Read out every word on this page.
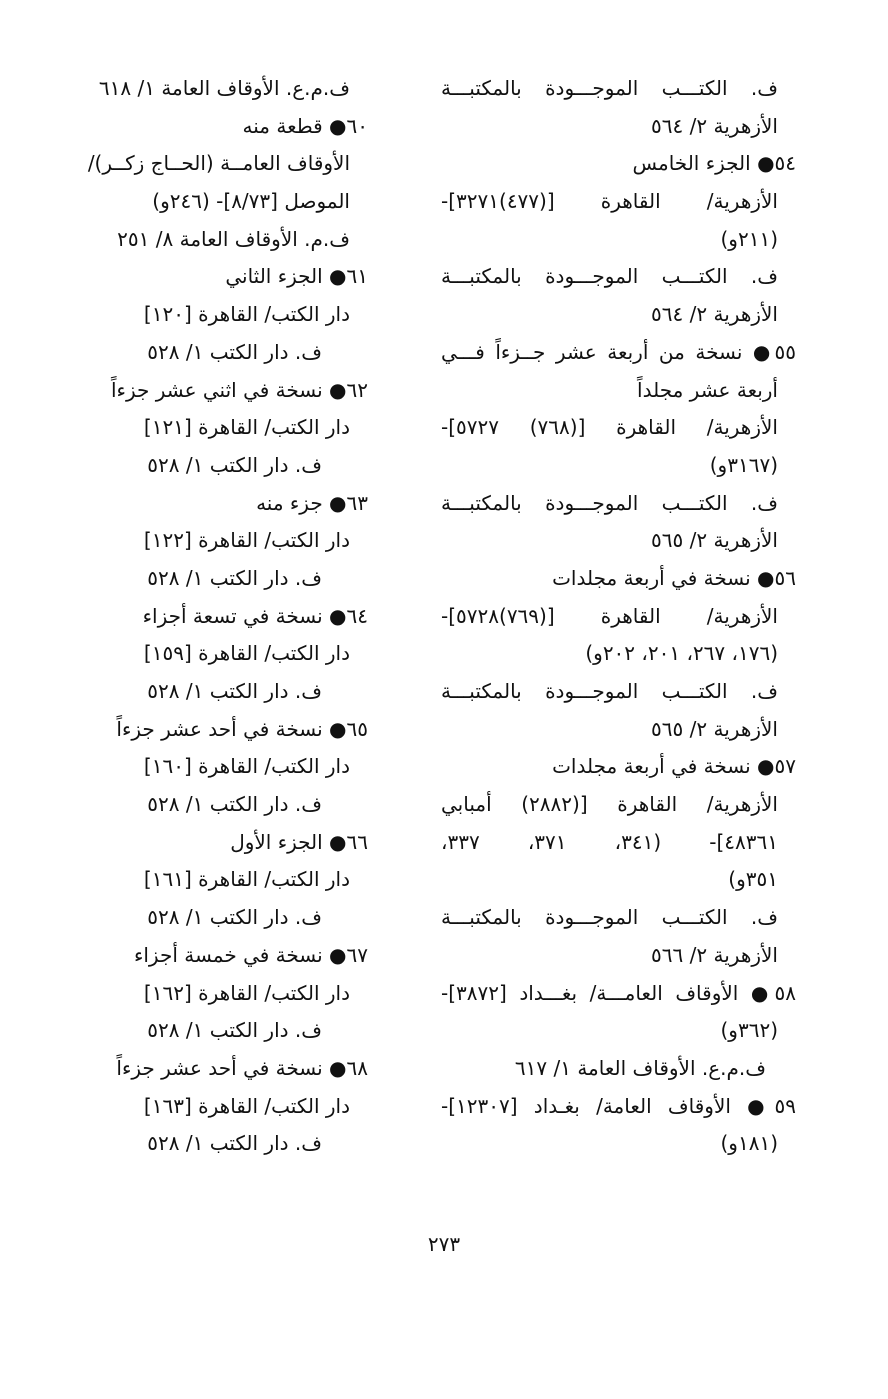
ف. الكتـــب الموجـــودة بالمكتبـــة
الأزهرية ٢/ ٥٦٤
٥٤● الجزء الخامس
الأزهرية/ القاهرة [(٤٧٧)٣٢٧١]-
(٢١١و)
ف. الكتـــب الموجـــودة بالمكتبـــة
الأزهرية ٢/ ٥٦٤
٥٥● نسخة من أربعة عشر جــزءاً فـــي
أربعة عشر مجلداً
الأزهرية/ القاهرة [(٧٦٨) ٥٧٢٧]-
(٣١٦٧و)
ف. الكتـــب الموجـــودة بالمكتبـــة
الأزهرية ٢/ ٥٦٥
٥٦● نسخة في أربعة مجلدات
الأزهرية/ القاهرة [(٧٦٩)٥٧٢٨]-
(١٧٦، ٢٦٧، ٢٠١، ٢٠٢و)
ف. الكتـــب الموجـــودة بالمكتبـــة
الأزهرية ٢/ ٥٦٥
٥٧● نسخة في أربعة مجلدات
الأزهرية/ القاهرة [(٢٨٨٢) أمبابي
٤٨٣٦١]- (٣٤١، ٣٧١، ٣٣٧،
٣٥١و)
ف. الكتـــب الموجـــودة بالمكتبـــة
الأزهرية ٢/ ٥٦٦
٥٨● الأوقاف العامـــة/ بغـــداد [٣٨٧٢]-
(٣٦٢و)
ف.م.ع. الأوقاف العامة ١/ ٦١٧
٥٩● الأوقاف العامة/ بغـداد [١٢٣٠٧]-
(١٨١و)
ف.م.ع. الأوقاف العامة ١/ ٦١٨
٦٠● قطعة منه
الأوقاف العامــة (الحــاج زكــر)/
الموصل [٨/٧٣]- (٢٤٦و)
ف.م. الأوقاف العامة ٨/ ٢٥١
٦١● الجزء الثاني
دار الكتب/ القاهرة [١٢٠]
ف. دار الكتب ١/ ٥٢٨
٦٢● نسخة في اثني عشر جزءاً
دار الكتب/ القاهرة [١٢١]
ف. دار الكتب ١/ ٥٢٨
٦٣● جزء منه
دار الكتب/ القاهرة [١٢٢]
ف. دار الكتب ١/ ٥٢٨
٦٤● نسخة في تسعة أجزاء
دار الكتب/ القاهرة [١٥٩]
ف. دار الكتب ١/ ٥٢٨
٦٥● نسخة في أحد عشر جزءاً
دار الكتب/ القاهرة [١٦٠]
ف. دار الكتب ١/ ٥٢٨
٦٦● الجزء الأول
دار الكتب/ القاهرة [١٦١]
ف. دار الكتب ١/ ٥٢٨
٦٧● نسخة في خمسة أجزاء
دار الكتب/ القاهرة [١٦٢]
ف. دار الكتب ١/ ٥٢٨
٦٨● نسخة في أحد عشر جزءاً
دار الكتب/ القاهرة [١٦٣]
ف. دار الكتب ١/ ٥٢٨
٢٧٣
